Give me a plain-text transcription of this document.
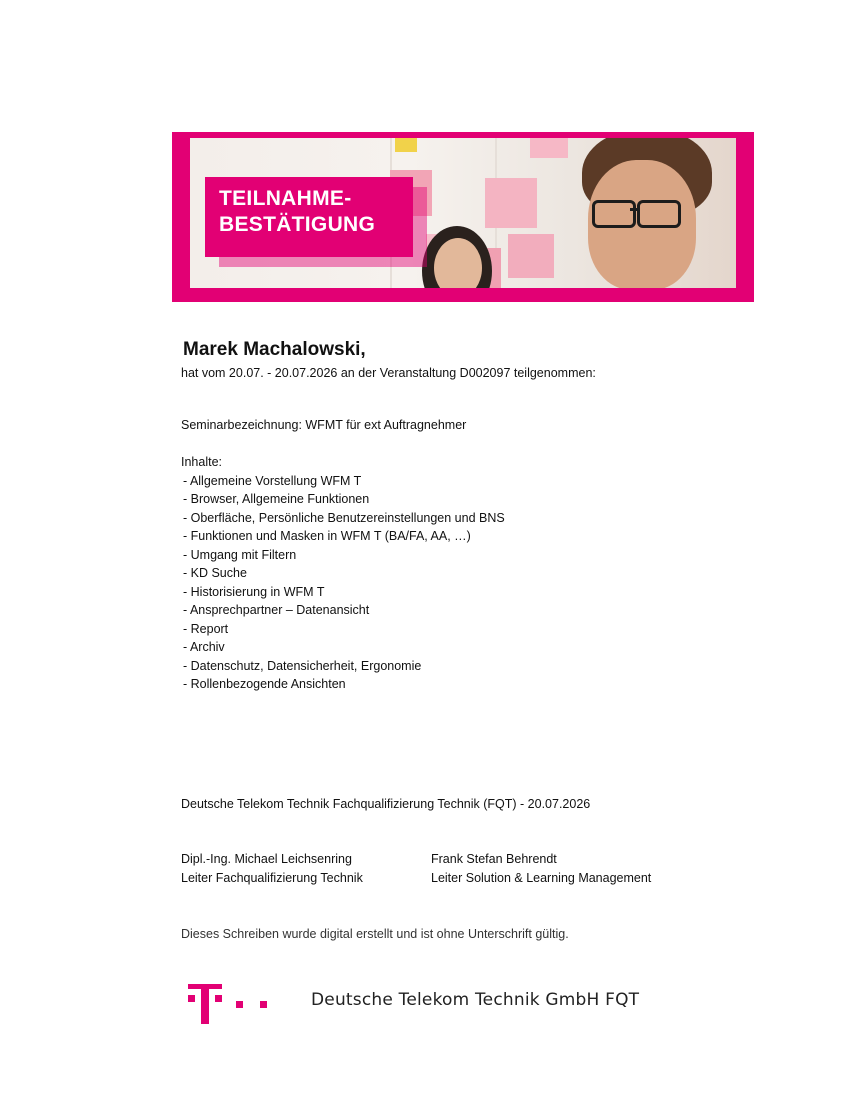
TEILNAHME-
BESTÄTIGUNG
Marek Machalowski,
hat vom 20.07. - 20.07.2026 an der Veranstaltung D002097 teilgenommen:
Seminarbezeichnung: WFMT für ext Auftragnehmer
Inhalte:
- Allgemeine Vorstellung WFM T
- Browser, Allgemeine Funktionen
- Oberfläche, Persönliche Benutzereinstellungen und BNS
- Funktionen und Masken in WFM T (BA/FA, AA, …)
- Umgang mit Filtern
- KD Suche
- Historisierung in WFM T
- Ansprechpartner – Datenansicht
- Report
- Archiv
- Datenschutz, Datensicherheit, Ergonomie
- Rollenbezogende Ansichten
Deutsche Telekom Technik Fachqualifizierung Technik (FQT) - 20.07.2026
Dipl.-Ing. Michael Leichsenring
Leiter Fachqualifizierung Technik
Frank Stefan Behrendt
Leiter Solution & Learning Management
Dieses Schreiben wurde digital erstellt und ist ohne Unterschrift gültig.
Deutsche Telekom Technik GmbH FQT
